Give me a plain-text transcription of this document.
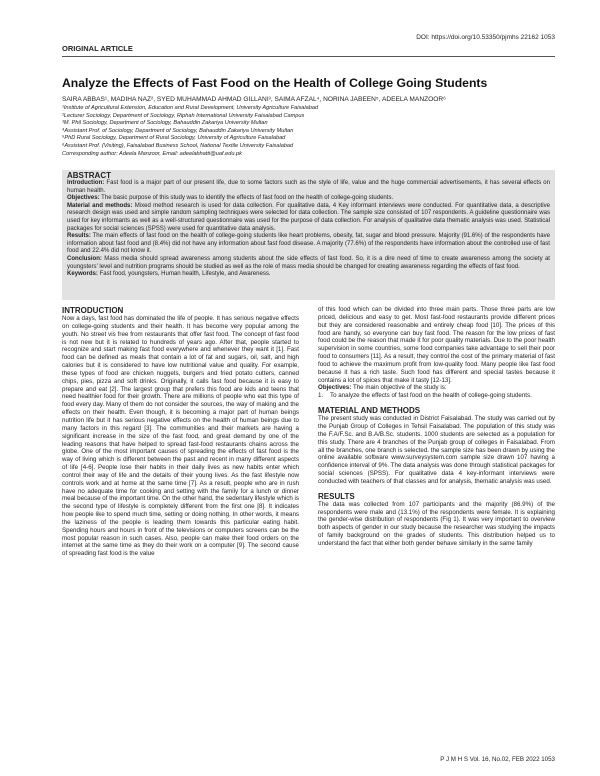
DOI: https://doi.org/10.53350/pjmhs 22162 1053
ORIGINAL ARTICLE
Analyze the Effects of Fast Food on the Health of College Going Students
SAIRA ABBAS¹, MADIHA NAZ², SYED MUHAMMAD AHMAD GILLANI³, SAIMA AFZAL⁴, NORINA JABEEN⁵, ADEELA MANZOOR⁶
¹Institute of Agricultural Extension, Education and Rural Development, University Agriculture Faisalabad
²Lecturer Sociology, Department of Sociology, Riphah International University Faisalabad Campus
³M. Phil Sociology, Department of Sociology, Bahauddin Zakariya University Multan
⁴Assistant Prof. of Sociology, Department of Sociology, Bahauddin Zakariya University Multan
⁵PhD Rural Sociology, Department of Rural Sociology, University of Agriculture Faisalabad
⁶Assistant Prof. (Visiting), Faisalabad Business School, National Textile University Faisalabad
Corresponding author: Adeela Manzoor, Email: adeelabhatti@uaf.edu.pk
ABSTRACT

Introduction: Fast food is a major part of our present life, due to some factors such as the style of life, value and the huge commercial advertisements, it has several effects on human health.

Objectives: The basic purpose of this study was to identify the effects of fast food on the health of college-going students.

Material and methods: Mixed method research is used for data collection. For qualitative data, 4 Key informant interviews were conducted. For quantitative data, a descriptive research design was used and simple random sampling techniques were selected for data collection. The sample size consisted of 107 respondents. A guideline questionnaire was used for key informants as well as a well-structured questionnaire was used for the purpose of data collection. For analysis of qualitative data thematic analysis was used. Statistical packages for social sciences (SPSS) were used for quantitative data analysis.

Results: The main effects of fast food on the health of college-going students like heart problems, obesity, fat, sugar and blood pressure. Majority (91.6%) of the respondents have information about fast food and (8.4%) did not have any information about fast food disease. A majority (77.6%) of the respondents have information about the controlled use of fast food and 22.4% did not know it.

Conclusion: Mass media should spread awareness among students about the side effects of fast food. So, it is a dire need of time to create awareness among the society at youngsters' level and nutrition programs should be studied as well as the role of mass media should be changed for creating awareness regarding the effects of fast food.

Keywords: Fast food, youngsters, Human health, Lifestyle, and Awareness.

INTRODUCTION

Now a days, fast food has dominated the life of people. It has serious negative effects on college-going students and their health. It has become very popular among the youth. No street vis free from restaurants that offer fast food. The concept of fast food is not new but it is related to hundreds of years ago. After that, people started to recognize and start making fast food everywhere and whenever they want it [1]. Fast food can be defined as meals that contain a lot of fat and sugars, oil, salt, and high calories but it is considered to have low nutritional value and quality. For example, these types of food are chicken nuggets, burgers and fried potato cutters, canned chips, pies, pizza and soft drinks. Originally, it calls fast food because it is easy to prepare and eat [2]. The largest group that prefers this food are kids and teens that need healthier food for their growth. There are millions of people who eat this type of food every day. Many of them do not consider the sources, the way of making and the effects on their health. Even though, it is becoming a major part of human beings nutrition life but it has serious negative effects on the health of human beings due to many factors in this regard [3]. The communities and their markets are having a significant increase in the size of the fast food, and great demand by one of the leading reasons that have helped to spread fast-food restaurants chains across the globe. One of the most important causes of spreading the effects of fast food is the way of living which is different between the past and recent in many different aspects of life [4-6]. People lose their habits in their daily lives as new habits enter which control their way of life and the details of their young lives. As the fast lifestyle now controls work and at home at the same time [7]. As a result, people who are in rush have no adequate time for cooking and setting with the family for a lunch or dinner meal because of the important time. On the other hand, the sedentary lifestyle which is the second type of lifestyle is completely different from the first one [8]. It indicates how people like to spend much time, setting or doing nothing. In other words, it means the laziness of the people is leading them towards this particular eating habit. Spending hours and hours in front of the televisions or computers screens can be the most popular reason in such cases. Also, people can make their food orders on the internet at the same time as they do their work on a computer [9]. The second cause of spreading fast food is the value

of this food which can be divided into three main parts. Those three parts are low priced, delicious and easy to get. Most fast-food restaurants provide different prices but they are considered reasonable and entirely cheap food [10]. The prices of this food are handy, so everyone can buy fast food. The reason for the low prices of fast food could be the reason that made it for poor quality materials. Due to the poor health supervision in some countries, some food companies take advantage to sell their poor food to consumers [11]. As a result, they control the cost of the primary material of fast food to achieve the maximum profit from low-quality food. Many people like fast food because it has a rich taste. Such food has different and special tastes because it contains a lot of spices that make it tasty [12-13].

Objectives: The main objective of the study is:

1.    To analyze the effects of fast food on the health of college-going students.

MATERIAL AND METHODS

The present study was conducted in District Faisalabad. The study was carried out by the Punjab Group of Colleges in Tehsil Faisalabad. The population of this study was the F.A/F.Sc. and B.A/B.Sc. students. 1000 students are selected as a population for this study. There are 4 branches of the Punjab group of colleges in Faisalabad. From all the branches, one branch is selected. the sample size has been drawn by using the online available software www.surveysystem.com sample size drawn 107 having a confidence interval of 9%. The data analysis was done through statistical packages for social sciences (SPSS). For qualitative data 4 key-informant interviews were conducted with teachers of that classes and for analysis, thematic analysis was used.

RESULTS

The data was collected from 107 participants and the majority (86.9%) of the respondents were male and (13.1%) of the respondents were female. It is explaining the gender-wise distribution of respondents (Fig 1). It was very important to overview both aspects of gender in our study because the researcher was studying the impacts of family background on the grades of students. This distribution helped us to understand the fact that either both gender behave similarly in the same family

P J M H S Vol. 16, No.02, FEB 2022 1053
